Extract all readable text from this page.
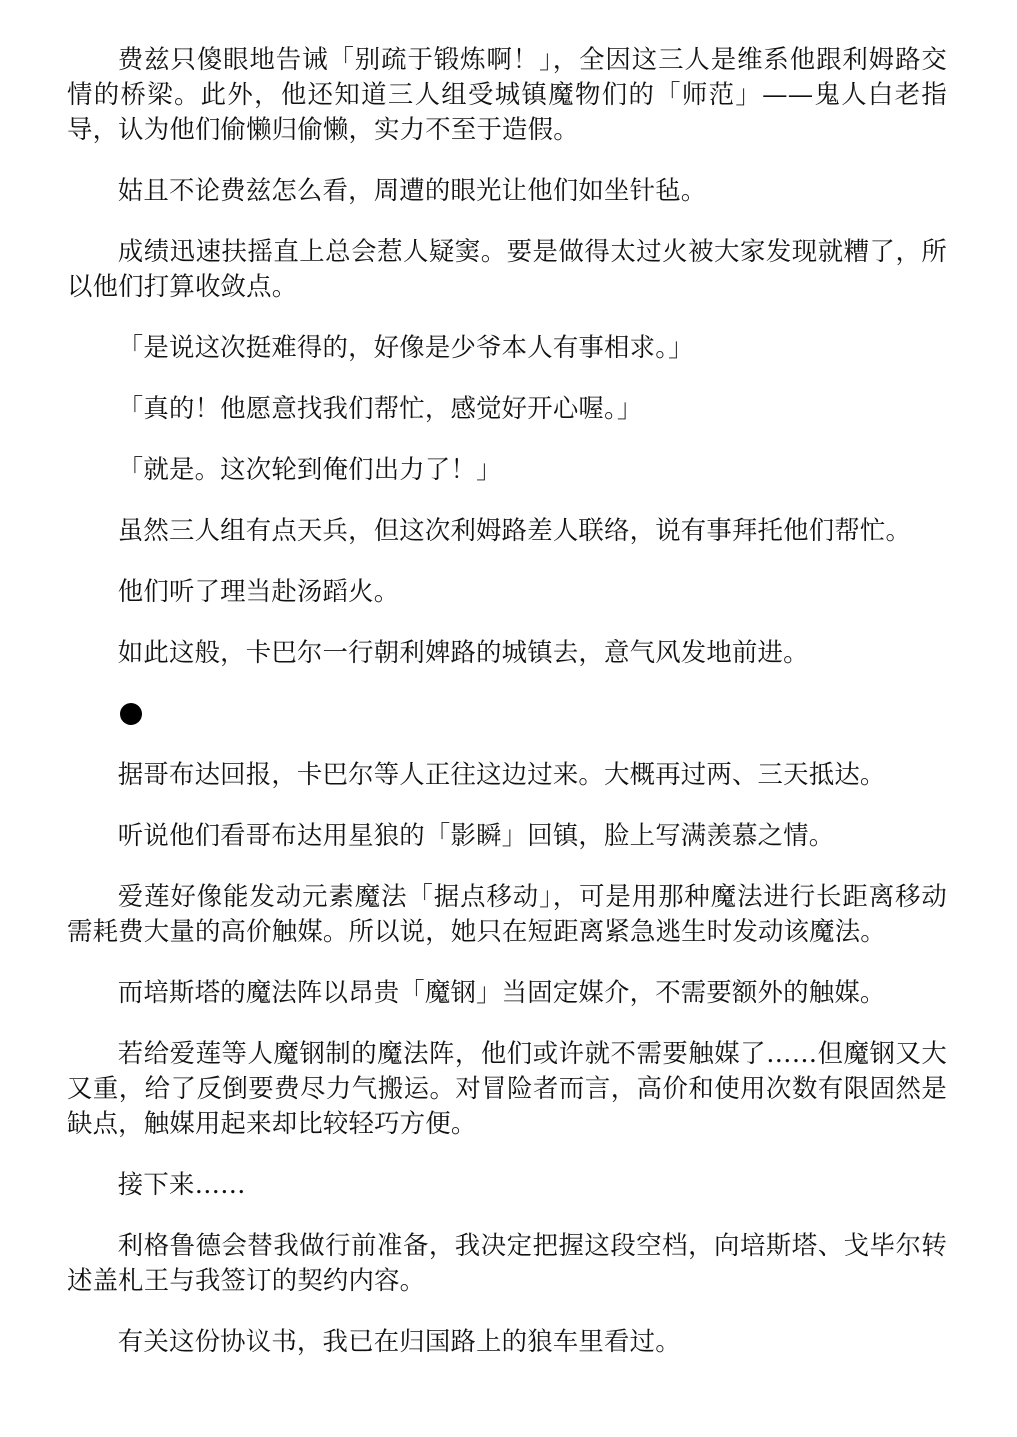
费兹只傻眼地告诫「别疏于锻炼啊！」，全因这三人是维系他跟利姆路交情的桥梁。此外，他还知道三人组受城镇魔物们的「师范」——鬼人白老指导，认为他们偷懒归偷懒，实力不至于造假。

姑且不论费兹怎么看，周遭的眼光让他们如坐针毡。

成绩迅速扶摇直上总会惹人疑窦。要是做得太过火被大家发现就糟了，所以他们打算收敛点。

「是说这次挺难得的，好像是少爷本人有事相求。」

「真的！他愿意找我们帮忙，感觉好开心喔。」

「就是。这次轮到俺们出力了！」

虽然三人组有点天兵，但这次利姆路差人联络，说有事拜托他们帮忙。

他们听了理当赴汤蹈火。

如此这般，卡巴尔一行朝利婢路的城镇去，意气风发地前进。

据哥布达回报，卡巴尔等人正往这边过来。大概再过两、三天抵达。

听说他们看哥布达用星狼的「影瞬」回镇，脸上写满羡慕之情。

爱莲好像能发动元素魔法「据点移动」，可是用那种魔法进行长距离移动需耗费大量的高价触媒。所以说，她只在短距离紧急逃生时发动该魔法。

而培斯塔的魔法阵以昂贵「魔钢」当固定媒介，不需要额外的触媒。

若给爱莲等人魔钢制的魔法阵，他们或许就不需要触媒了……但魔钢又大又重，给了反倒要费尽力气搬运。对冒险者而言，高价和使用次数有限固然是缺点，触媒用起来却比较轻巧方便。

接下来……

利格鲁德会替我做行前准备，我决定把握这段空档，向培斯塔、戈毕尔转述盖札王与我签订的契约内容。

有关这份协议书，我已在归国路上的狼车里看过。
